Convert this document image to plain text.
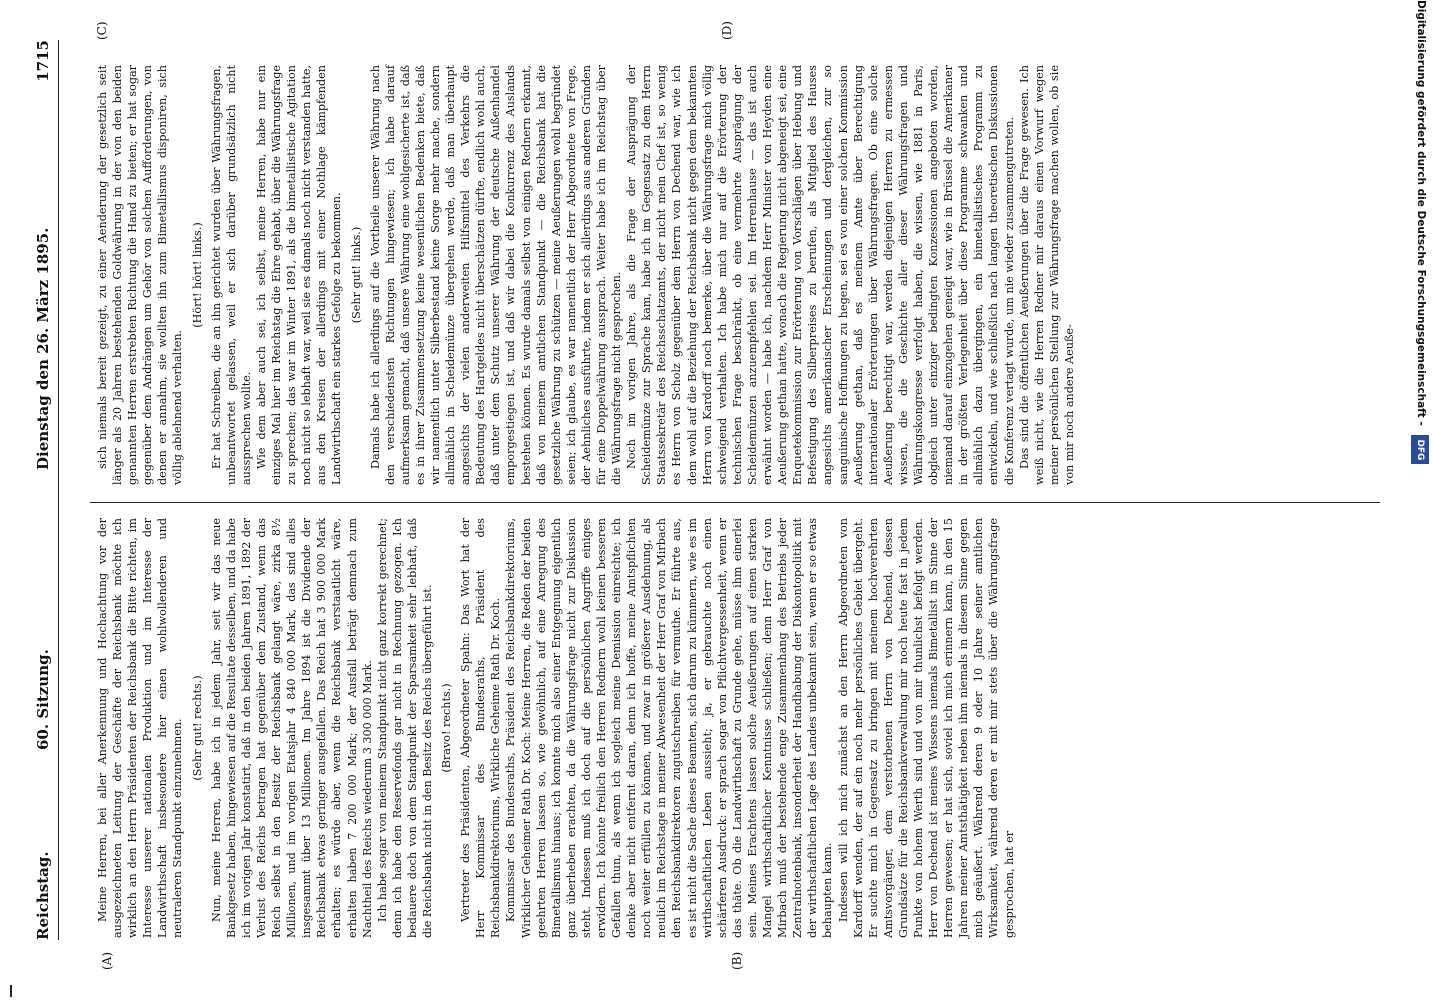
Reichstag.
60. Sitzung.
Dienstag den 26. März 1895.
1715

Meine Herren, bei aller Anerkennung und Hochachtung vor der ausgezeichneten Leitung der Geschäfte der Reichsbank möchte ich wirklich an den Herrn Präsidenten der Reichsbank die Bitte richten, im Interesse unserer nationalen Produktion und im Interesse der Landwirthschaft insbesondere hier einen wohlwollenderen und neutraleren Standpunkt einzunehmen. (Sehr gut! rechts.) Nun, meine Herren, habe ich in jedem Jahr, seit wir das neue Bankgesetz haben, hingewiesen auf die Resultate desselben, und da habe ich im vorigen Jahr konstatirt, daß in den beiden Jahren 1891, 1892 der Verlust des Reichs betragen hat gegenüber dem Zustand, wenn das Reich selbst in den Besitz der Reichsbank gelangt wäre, zirka 8½ Millionen, und im vorigen Etatsjahr 4 840 000 Mark, das sind alles insgesammt über 13 Millionen. Im Jahre 1894 ist die Dividende der Reichsbank etwas geringer ausgefallen. Das Reich hat 3 900 000 Mark erhalten; es würde aber, wenn die Reichsbank verstaatlicht wäre, erhalten haben 7 200 000 Mark; der Ausfall beträgt demnach zum Nachtheil des Reichs wiederum 3 300 000 Mark. Ich habe sogar von meinem Standpunkt nicht ganz korrekt gerechnet; denn ich habe den Reservefonds gar nicht in Rechnung gezogen. Ich bedauere doch von dem Standpunkt der Sparsamkeit sehr lebhaft, daß die Reichsbank nicht in den Besitz des Reichs übergeführt ist. (Bravo! rechts.) Vertreter des Präsidenten, Abgeordneter Spahn: Das Wort hat der Herr Kommissar des Bundesraths, Präsident des Reichsbankdirektoriums, Wirkliche Geheime Rath Dr. Koch. Kommissar des Bundesraths, Präsident des Reichsbankdirektoriums, Wirklicher Geheimer Rath Dr. Koch: Meine Herren, die Reden der beiden geehrten Herren lassen so, wie gewöhnlich, auf eine Anregung des Bimetallismus hinaus; ich konnte mich also einer Entgegnung eigentlich ganz überheben erachten, da die Währungsfrage nicht zur Diskussion steht. Indessen muß ich doch auf die persönlichen Angriffe einiges erwidern. Ich könnte freilich den Herren Rednern wohl keinen besseren Gefallen thun, als wenn ich sogleich meine Demission einreichte; ich denke aber nicht entfernt daran, denn ich hoffe, meine Amtspflichten noch weiter erfüllen zu können, und zwar in größerer Ausdehnung, als neulich im Reichstage in meiner Abwesenheit der Herr Graf von Mirbach den Reichsbankdirektoren zugutschreiben für vermuthe. Er führte aus, es ist nicht die Sache dieses Beamten, sich darum zu kümmern, wie es im wirthschaftlichen Leben aussieht; ja, er gebrauchte noch einen schärferen Ausdruck: er sprach sogar von Pflichtvergessenheit, wenn er das thäte. Ob die Landwirthschaft zu Grunde gehe, müsse ihm einerlei sein. Meines Erachtens lassen solche Aeußerungen auf einen starken Mangel wirthschaftlicher Kenntnisse schließen; denn Herr Graf von Mirbach muß der bestehende enge Zusammenhang des Betriebs jeder Zentralnotenbank, insonderheit der Handhabung der Diskontopolitik mit der wirthschaftlichen Lage des Landes unbekannt sein, wenn er so etwas behaupten kann. Indessen will ich mich zunächst an den Herrn Abgeordneten von Kardorff wenden, der auf ein noch mehr persönliches Gebiet übergeht. Er suchte mich in Gegensatz zu bringen mit meinem hochverehrten Amtsvorgänger, dem verstorbenen Herrn von Dechend, dessen Grundsätze für die Reichsbankverwaltung mir noch heute fast in jedem Punkte von hohem Werth sind und von mir thunlichst befolgt werden. Herr von Dechend ist meines Wissens niemals Bimetallist im Sinne der Herren gewesen; er hat sich, soviel ich mich erinnern kann, in den 15 Jahren meiner Amtsthätigkeit neben ihm niemals in diesem Sinne gegen mich geäußert. Während deren 9 oder 10 Jahre seiner amtlichen Wirksamkeit, während deren er mit mir stets über die Währungsfrage gesprochen, hat er

sich niemals bereit gezeigt, zu einer Aenderung der gesetzlich seit länger als 20 Jahren bestehenden Goldwährung in der von den beiden genannten Herren erstrebten Richtung die Hand zu bieten; er hat sogar gegenüber dem Andrängen um Gehör von solchen Aufforderungen, von denen er annahm, sie wollten ihn zum Bimetallismus disponiren, sich völlig ablehnend verhalten.

(Hört! hört! links.) Er hat Schreiben, die an ihn gerichtet wurden über Währungsfragen, unbeantwortet gelassen, weil er sich darüber grundsätzlich nicht aussprechen wollte. Wie dem aber auch sei, ich selbst, meine Herren, habe nur ein einziges Mal hier im Reichstag die Ehre gehabt, über die Währungsfrage zu sprechen; das war im Winter 1891, als die bimetallistische Agitation noch nicht so lebhaft war, weil sie es damals noch nicht verstanden hatte, aus den Kreisen der allerdings mit einer Nothlage kämpfenden Landwirthschaft ein starkes Gefolge zu bekommen. (Sehr gut! links.) Damals habe ich allerdings auf die Vortheile unserer Währung nach den verschiedensten Richtungen hingewiesen; ich habe darauf aufmerksam gemacht, daß unsere Währung eine wohlgesicherte ist, daß es in ihrer Zusammensetzung keine wesentlichen Bedenken biete, daß wir namentlich unter Silberbestand keine Sorge mehr mache, sondern allmählich in Scheidemünze übergehen werde, daß man überhaupt angesichts der vielen anderweiten Hilfsmittel des Verkehrs die Bedeutung des Hartgeldes nicht überschätzen dürfte, endlich wohl auch, daß unter dem Schutz unserer Währung der deutsche Außenhandel emporgestiegen ist, und daß wir dabei die Konkurrenz des Auslands bestehen können. Es wurde damals selbst von einigen Rednern erkannt, daß von meinem amtlichen Standpunkt — die Reichsbank hat die gesetzliche Währung zu schützen — meine Aeußerungen wohl begründet seien; ich glaube, es war namentlich der Herr Abgeordnete von Frege, der Aehnliches ausführte, indem er sich allerdings aus anderen Gründen für eine Doppelwährung aussprach. Weiter habe ich im Reichstag über die Währungsfrage nicht gesprochen. Noch im vorigen Jahre, als die Frage der Ausprägung der Scheidemünze zur Sprache kam, habe ich im Gegensatz zu dem Herrn Staatssekretär des Reichsschatzamts, der nicht mein Chef ist, so wenig es Herrn von Scholz gegenüber dem Herrn von Dechend war, wie ich dem wohl auf die Beziehung der Reichsbank nicht gegen dem bekannten Herrn von Kardorff noch bemerke, über die Währungsfrage mich völlig schweigend verhalten. Ich habe mich nur auf die Erörterung der technischen Frage beschränkt, ob eine vermehrte Ausprägung der Scheidemünzen anzuempfehlen sei. Im Herrenhause — das ist auch erwähnt worden — habe ich, nachdem Herr Minister von Heyden eine Aeußerung gethan hatte, wonach die Regierung nicht abgeneigt sei, eine Enquetekommission zur Erörterung von Vorschlägen über Hebung und Befestigung des Silberpreises zu berufen, als Mitglied des Hauses angesichts amerikanischer Erscheinungen und dergleichen, zur so sanguinische Hoffnungen zu hegen, sei es von einer solchen Kommission Aeußerung gethan, daß es meinem Amte über Berechtigung internationaler Erörterungen über Währungsfragen. Ob eine solche Aeußerung berechtigt war, werden diejenigen Herren zu ermessen wissen, die die Geschichte aller dieser Währungsfragen und Währungskongresse verfolgt haben, die wissen, wie 1881 in Paris, obgleich unter einziger bedingten Konzessionen angeboten worden, niemand darauf einzugehen geneigt war, wie in Brüssel die Amerikaner in der größten Verlegenheit über diese Programme schwanken und allmählich dazu übergingen, ein bimetallistisches Programm zu entwickeln, und wie schließlich nach langen theoretischen Diskussionen die Konferenz vertagt wurde, um nie wieder zusammengutreten. Das sind die öffentlichen Aeußerungen über die Frage gewesen. Ich weiß nicht, wie die Herren Redner mir daraus einen Vorwurf wegen meiner persönlichen Stellung zur Währungsfrage machen wollen, ob sie von mir noch andere Aeuße-

(A)	(B)
(C)	(D)	Digitalisierung gefördert durch die Deutsche Forschungsgemeinschaft - DFG
